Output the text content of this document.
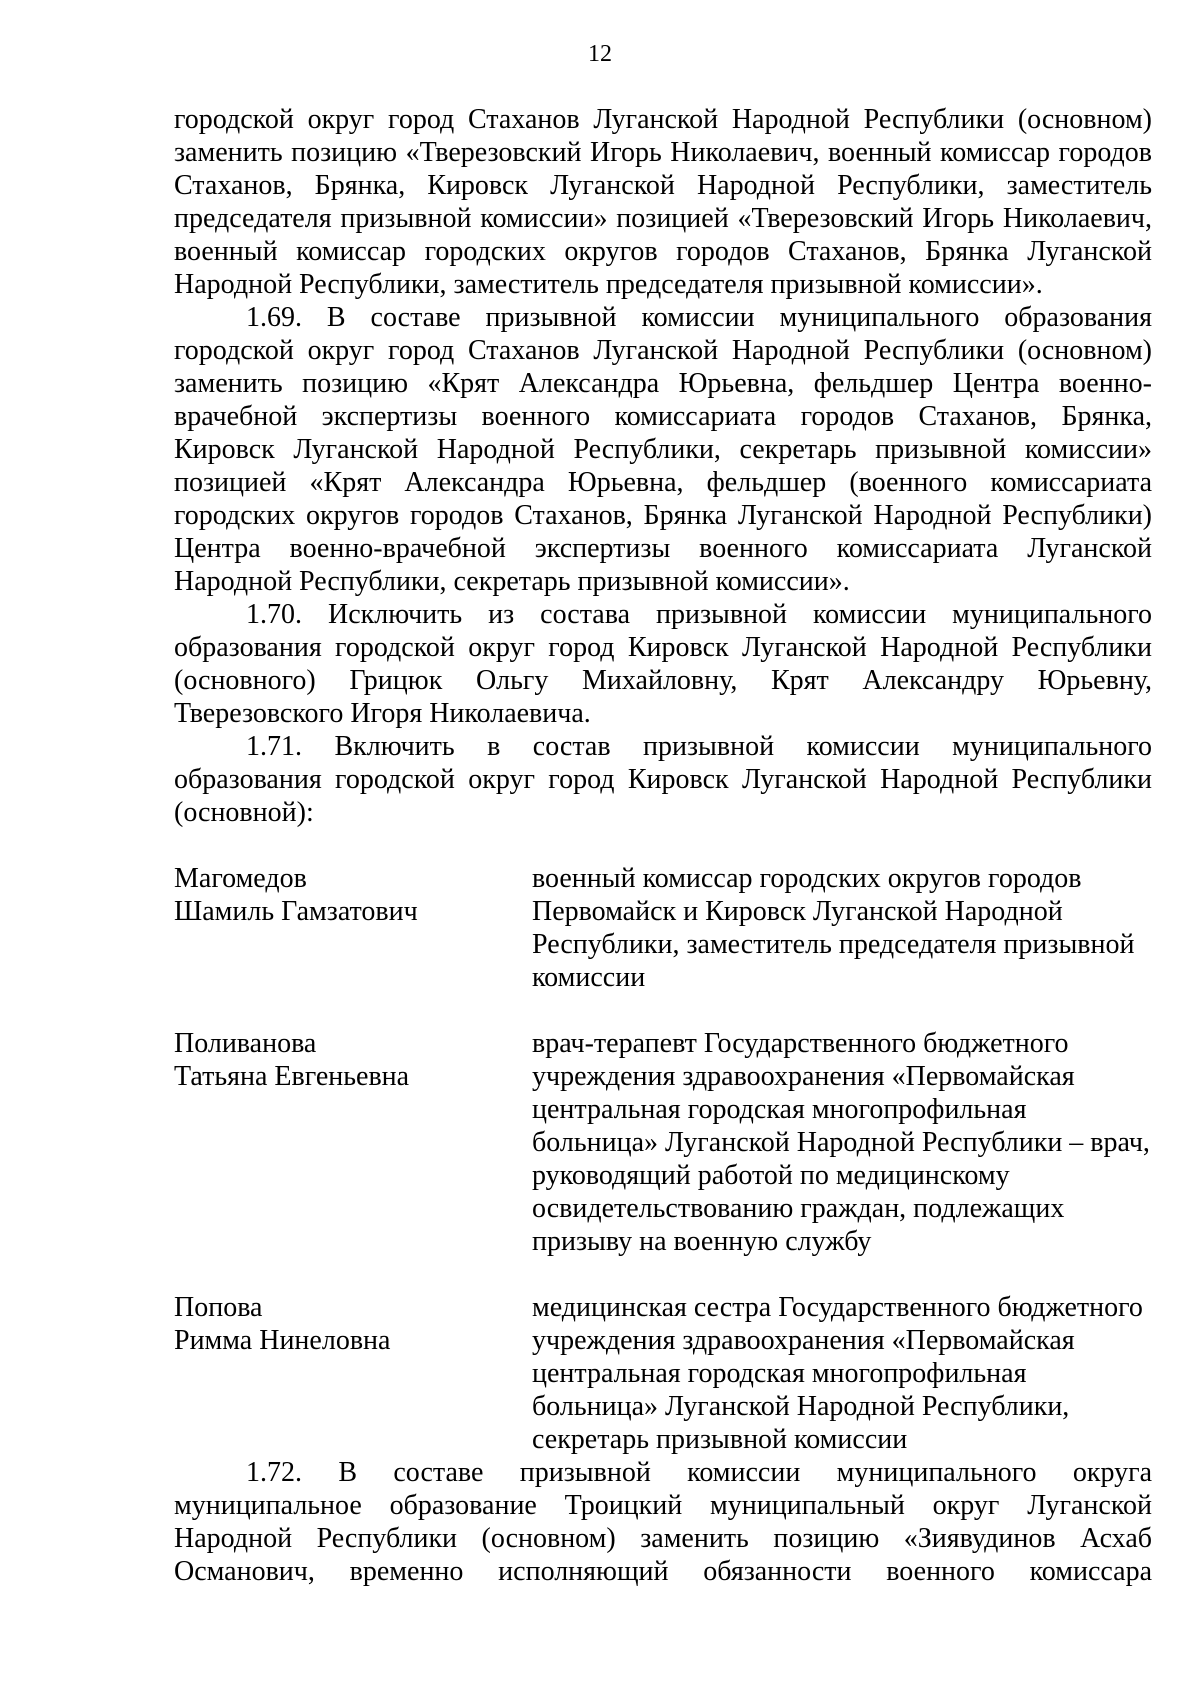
12

городской округ город Стаханов Луганской Народной Республики (основном) заменить позицию «Тверезовский Игорь Николаевич, военный комиссар городов Стаханов, Брянка, Кировск Луганской Народной Республики, заместитель председателя призывной комиссии» позицией «Тверезовский Игорь Николаевич, военный комиссар городских округов городов Стаханов, Брянка Луганской Народной Республики, заместитель председателя призывной комиссии».

1.69. В составе призывной комиссии муниципального образования городской округ город Стаханов Луганской Народной Республики (основном) заменить позицию «Крят Александра Юрьевна, фельдшер Центра военно-врачебной экспертизы военного комиссариата городов Стаханов, Брянка, Кировск Луганской Народной Республики, секретарь призывной комиссии» позицией «Крят Александра Юрьевна, фельдшер (военного комиссариата городских округов городов Стаханов, Брянка Луганской Народной Республики) Центра военно-врачебной экспертизы военного комиссариата Луганской Народной Республики, секретарь призывной комиссии».

1.70. Исключить из состава призывной комиссии муниципального образования городской округ город Кировск Луганской Народной Республики (основного) Грицюк Ольгу Михайловну, Крят Александру Юрьевну, Тверезовского Игоря Николаевича.

1.71. Включить в состав призывной комиссии муниципального образования городской округ город Кировск Луганской Народной Республики (основной):

Магомедов
Шамиль Гамзатович
военный комиссар городских округов городов Первомайск и Кировск Луганской Народной Республики, заместитель председателя призывной комиссии
Поливанова
Татьяна Евгеньевна
врач-терапевт Государственного бюджетного учреждения здравоохранения «Первомайская центральная городская многопрофильная больница» Луганской Народной Республики – врач, руководящий работой по медицинскому освидетельствованию граждан, подлежащих призыву на военную службу
Попова
Римма Нинеловна
медицинская сестра Государственного бюджетного учреждения здравоохранения «Первомайская центральная городская многопрофильная больница» Луганской Народной Республики, секретарь призывной комиссии

1.72. В составе призывной комиссии муниципального округа муниципальное образование Троицкий муниципальный округ Луганской Народной Республики (основном) заменить позицию «Зиявудинов Асхаб Османович, временно исполняющий обязанности военного комиссара
